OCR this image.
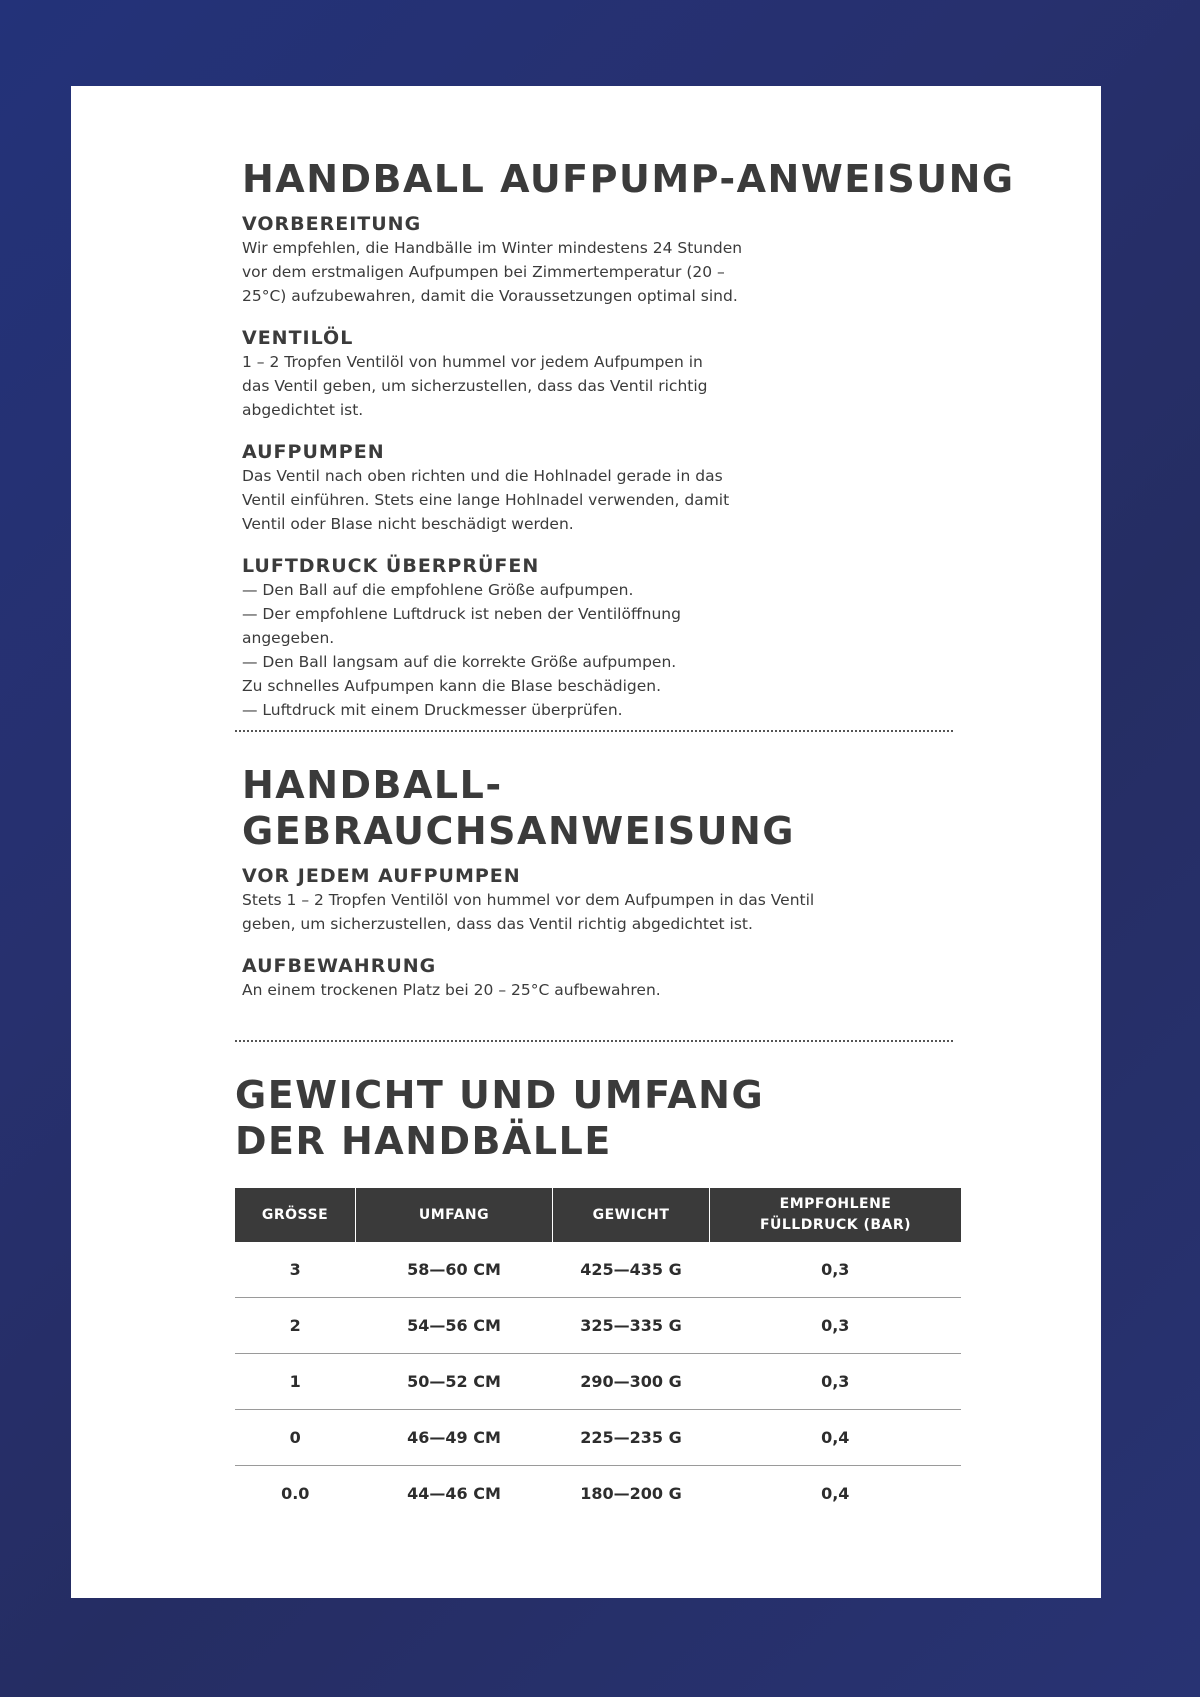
HANDBALL AUFPUMP-ANWEISUNG
VORBEREITUNG

Wir empfehlen, die Handbälle im Winter mindestens 24 Stunden
vor dem erstmaligen Aufpumpen bei Zimmertemperatur (20 –
25°C) aufzubewahren, damit die Voraussetzungen optimal sind.

VENTILÖL

1 – 2 Tropfen Ventilöl von hummel vor jedem Aufpumpen in
das Ventil geben, um sicherzustellen, dass das Ventil richtig
abgedichtet ist.

AUFPUMPEN

Das Ventil nach oben richten und die Hohlnadel gerade in das
Ventil einführen. Stets eine lange Hohlnadel verwenden, damit
Ventil oder Blase nicht beschädigt werden.

LUFTDRUCK ÜBERPRÜFEN

— Den Ball auf die empfohlene Größe aufpumpen.
— Der empfohlene Luftdruck ist neben der Ventilöffnung
angegeben.
— Den Ball langsam auf die korrekte Größe aufpumpen.
Zu schnelles Aufpumpen kann die Blase beschädigen.
— Luftdruck mit einem Druckmesser überprüfen.

HANDBALL-GEBRAUCHSANWEISUNG
VOR JEDEM AUFPUMPEN

Stets 1 – 2 Tropfen Ventilöl von hummel vor dem Aufpumpen in das Ventil
geben, um sicherzustellen, dass das Ventil richtig abgedichtet ist.

AUFBEWAHRUNG

An einem trockenen Platz bei 20 – 25°C aufbewahren.

GEWICHT UND UMFANG
DER HANDBÄLLE
GRÖSSE	UMFANG	GEWICHT	EMPFOHLENE
FÜLLDRUCK (BAR)
3	58—60 CM	425—435 G	0,3
2	54—56 CM	325—335 G	0,3
1	50—52 CM	290—300 G	0,3
0	46—49 CM	225—235 G	0,4
0.0	44—46 CM	180—200 G	0,4
